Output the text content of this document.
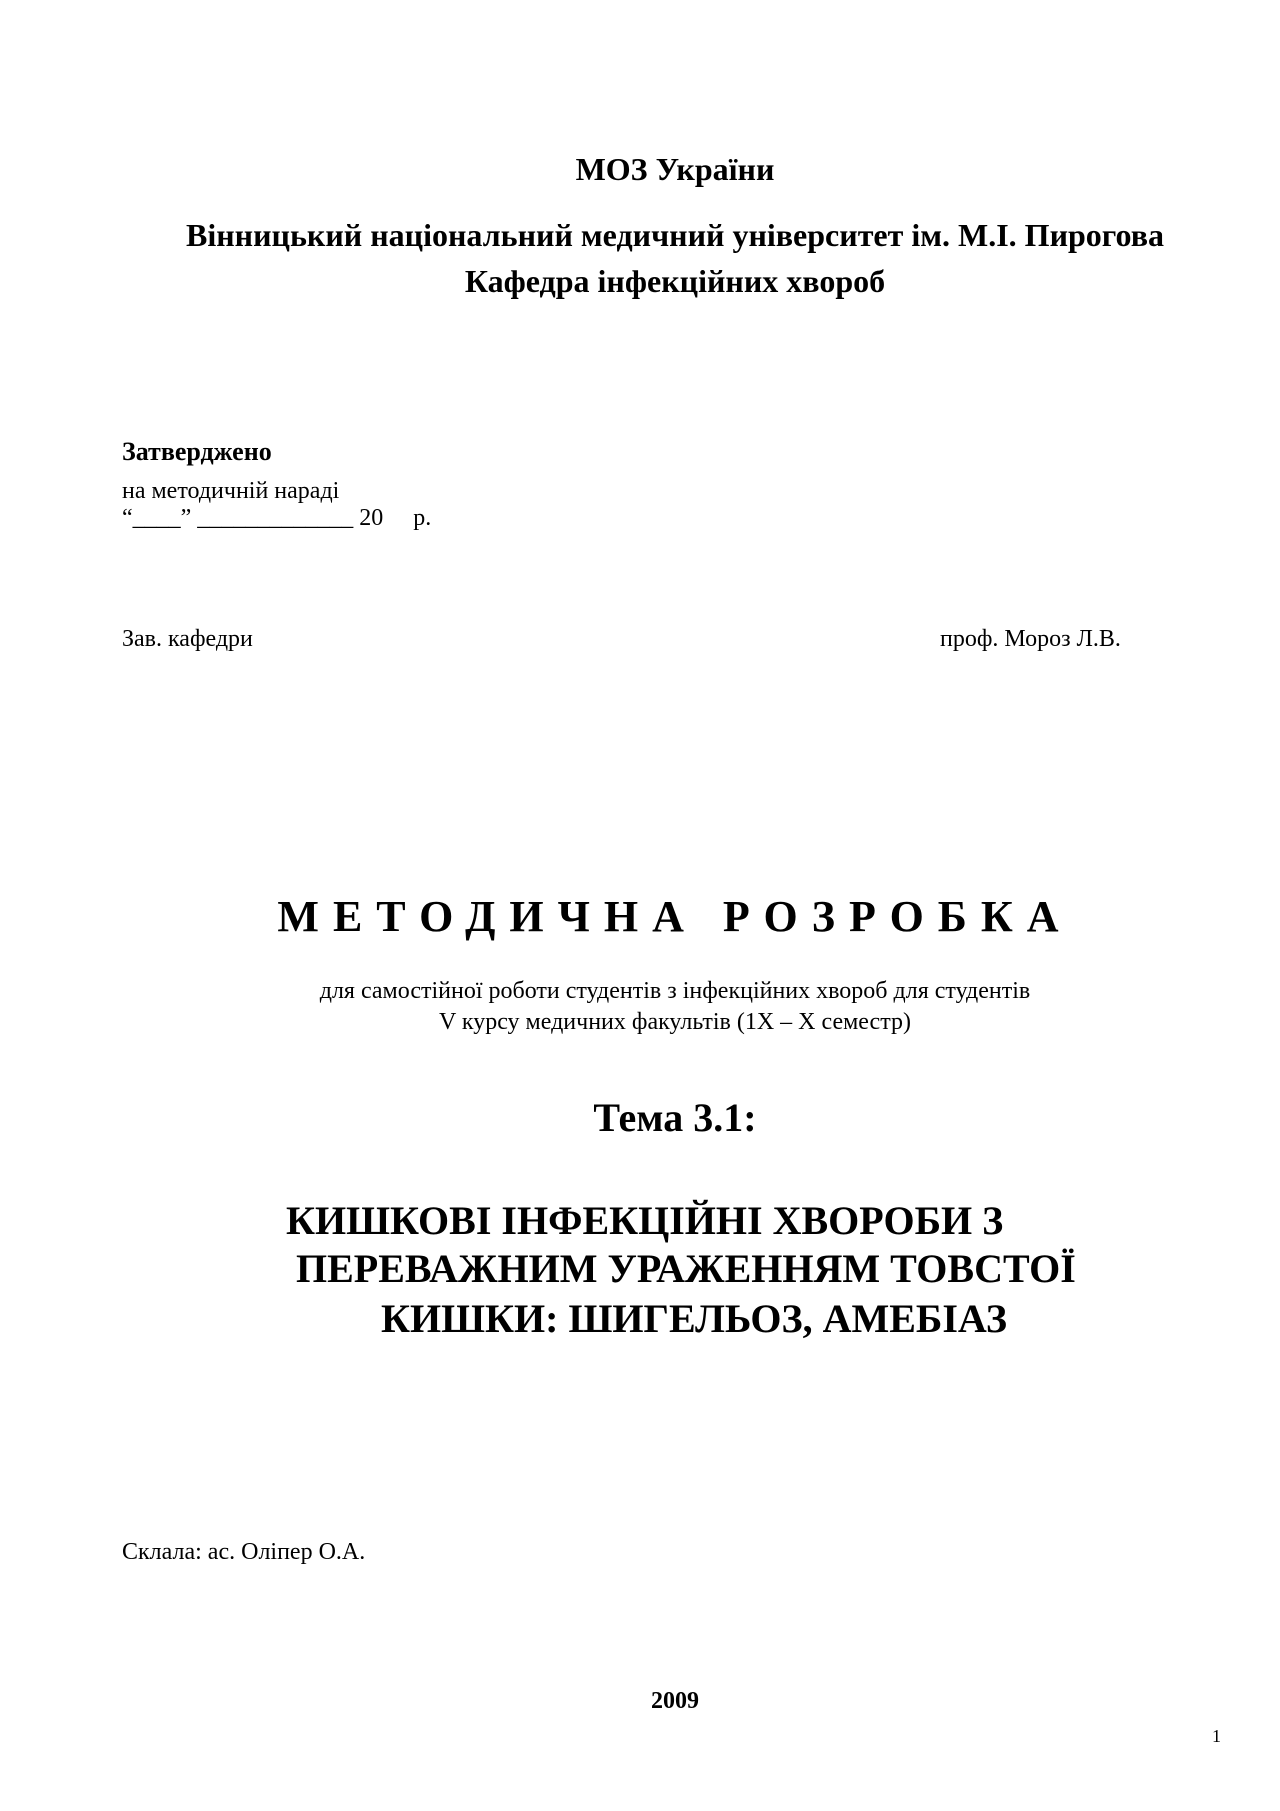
МОЗ України
Вінницький національний медичний університет ім. М.І. Пирогова
Кафедра інфекційних хвороб
Затверджено
на методичній нараді
“____” _____________ 20     р.
Зав. кафедри	проф. Мороз Л.В.
МЕТОДИЧНА РОЗРОБКА
для самостійної роботи студентів з інфекційних хвороб для студентів
V курсу медичних факультів (1Х – Х семестр)
Тема 3.1:
КИШКОВІ ІНФЕКЦІЙНІ ХВОРОБИ З
ПЕРЕВАЖНИМ УРАЖЕННЯМ ТОВСТОЇ
КИШКИ: ШИГЕЛЬОЗ, АМЕБІАЗ
Склала: ас. Оліпер О.А.
2009
1
